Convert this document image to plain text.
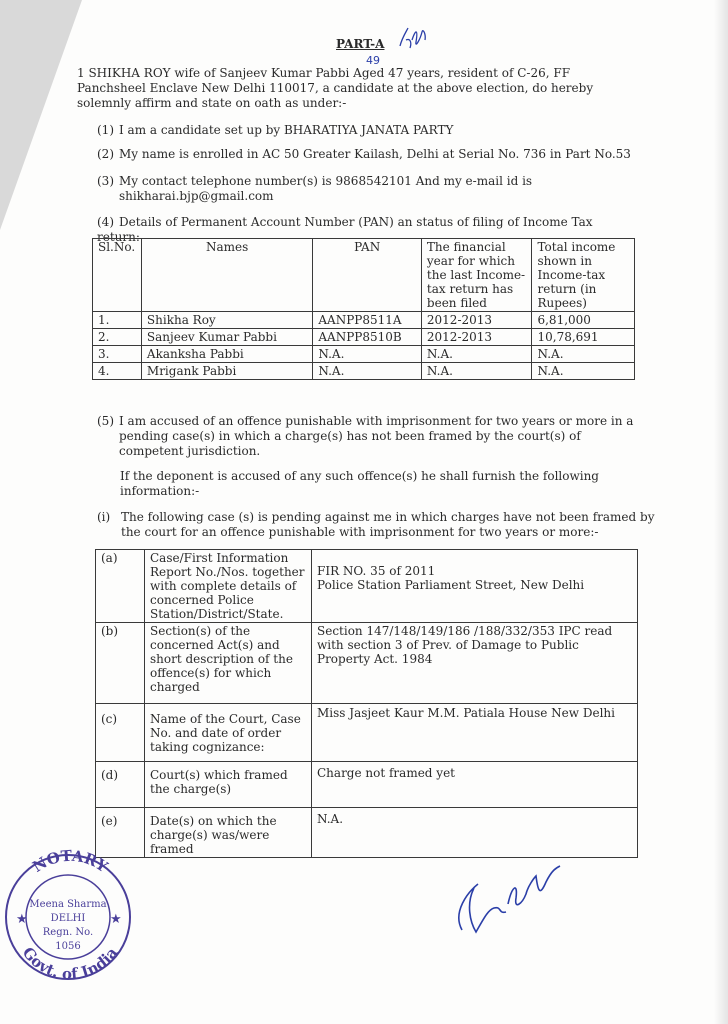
PART-A
49
1 SHIKHA ROY wife of Sanjeev Kumar Pabbi Aged 47 years, resident of C-26, FF Panchsheel Enclave New Delhi 110017, a candidate at the above election, do hereby solemnly affirm and state on oath as under:-
(1) I am a candidate set up by BHARATIYA JANATA PARTY
(2) My name is enrolled in AC 50 Greater Kailash, Delhi at Serial No. 736 in Part No.53
(3) My contact telephone number(s) is 9868542101 And my e-mail id is shikharai.bjp@gmail.com
(4) Details of Permanent Account Number (PAN) an status of filing of Income Tax return:
Sl.No.	Names	PAN	The financial year for which the last Income-tax return has been filed	Total income shown in Income-tax return (in Rupees)
1.	Shikha Roy	AANPP8511A	2012-2013	6,81,000
2.	Sanjeev Kumar Pabbi	AANPP8510B	2012-2013	10,78,691
3.	Akanksha Pabbi	N.A.	N.A.	N.A.
4.	Mrigank Pabbi	N.A.	N.A.	N.A.
(5) I am accused of an offence punishable with imprisonment for two years or more in a pending case(s) in which a charge(s) has not been framed by the court(s) of competent jurisdiction.
If the deponent is accused of any such offence(s) he shall furnish the following information:-
(i) The following case (s) is pending against me in which charges have not been framed by the court for an offence punishable with imprisonment for two years or more:-
(a)	Case/First Information Report No./Nos. together with complete details of concerned Police Station/District/State.	FIR NO. 35 of 2011
Police Station Parliament Street, New Delhi
(b)	Section(s) of the concerned Act(s) and short description of the offence(s) for which charged	Section 147/148/149/186 /188/332/353 IPC read with section 3 of Prev. of Damage to Public Property Act. 1984
(c)	Name of the Court, Case No. and date of order taking cognizance:	Miss Jasjeet Kaur M.M. Patiala House New Delhi
(d)	Court(s) which framed the charge(s)	Charge not framed yet
(e)	Date(s) on which the charge(s) was/were framed	N.A.
NOTARY
Govt. of India
★	★
Meena Sharma
DELHI
Regn. No.
1056
